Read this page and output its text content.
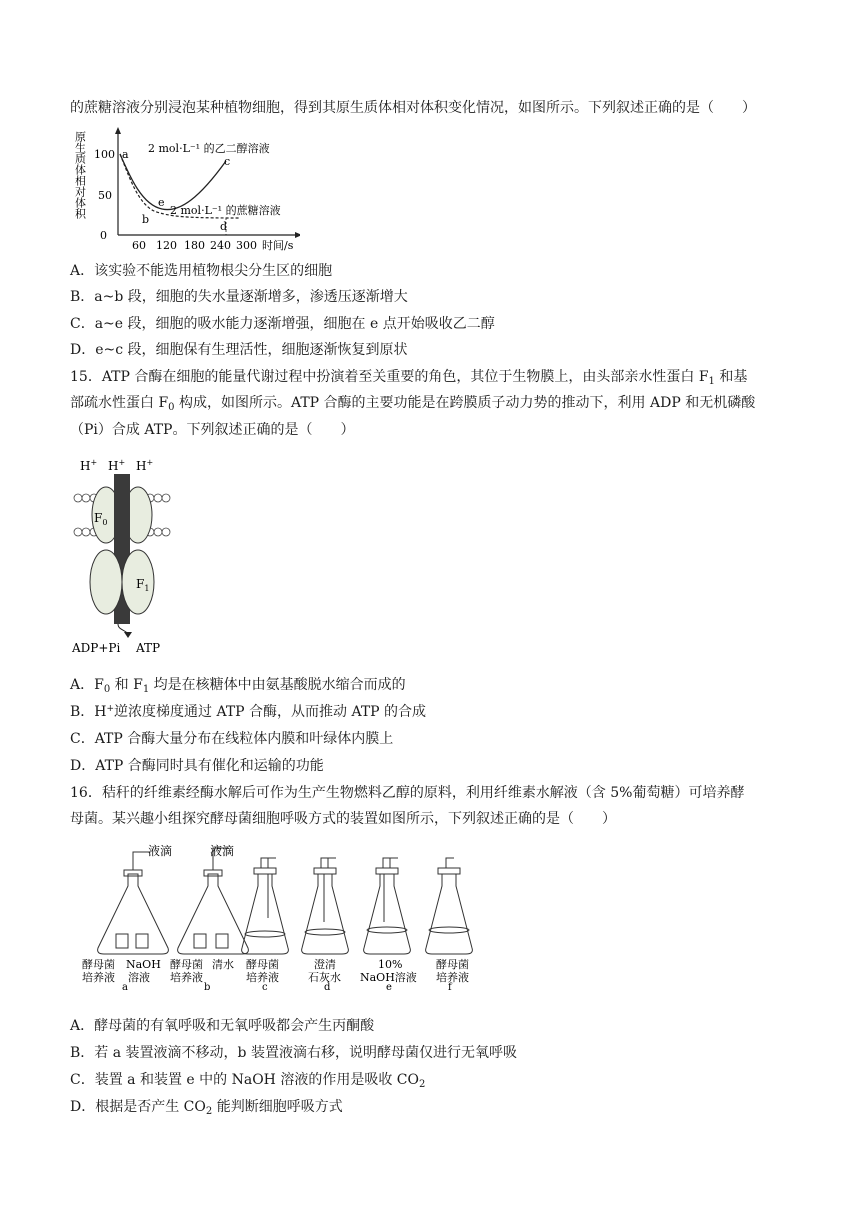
的蔗糖溶液分别浸泡某种植物细胞，得到其原生质体相对体积变化情况，如图所示。下列叙述正确的是（　　）
原生质体相对体积
0
50
100
60 120 180 240 300 时间/s
a
b
c
d
e
2 mol·L⁻¹ 的乙二醇溶液
2 mol·L⁻¹ 的蔗糖溶液
A．该实验不能选用植物根尖分生区的细胞
B．a~b 段，细胞的失水量逐渐增多，渗透压逐渐增大
C．a~e 段，细胞的吸水能力逐渐增强，细胞在 e 点开始吸收乙二醇
D．e~c 段，细胞保有生理活性，细胞逐渐恢复到原状
15．ATP 合酶在细胞的能量代谢过程中扮演着至关重要的角色，其位于生物膜上，由头部亲水性蛋白 $F_1$ 和基
部疏水性蛋白 $F_0$ 构成，如图所示。ATP 合酶的主要功能是在跨膜质子动力势的推动下，利用 ADP 和无机磷酸
（Pi）合成 ATP。下列叙述正确的是（　　）
H+ H+ H+
$F_0$
$F_1$
ADP+Pi ATP
A．$F_0$ 和 $F_1$ 均是在核糖体中由氨基酸脱水缩合而成的
B．H+逆浓度梯度通过 ATP 合酶，从而推动 ATP 的合成
C．ATP 合酶大量分布在线粒体内膜和叶绿体内膜上
D．ATP 合酶同时具有催化和运输的功能
16．秸秆的纤维素经酶水解后可作为生产生物燃料乙醇的原料，利用纤维素水解液（含 5%葡萄糖）可培养酵
母菌。某兴趣小组探究酵母菌细胞呼吸方式的装置如图所示，下列叙述正确的是（　　）
液滴	液滴
酵母菌
培养液
NaOH
溶液
a
酵母菌
培养液
清水
b
酵母菌
培养液
c
澄清
石灰水
d
10%
NaOH溶液
e
酵母菌
培养液
f
A．酵母菌的有氧呼吸和无氧呼吸都会产生丙酮酸
B．若 a 装置液滴不移动，b 装置液滴右移，说明酵母菌仅进行无氧呼吸
C．装置 a 和装置 e 中的 NaOH 溶液的作用是吸收 $CO_2$
D．根据是否产生 $CO_2$ 能判断细胞呼吸方式
